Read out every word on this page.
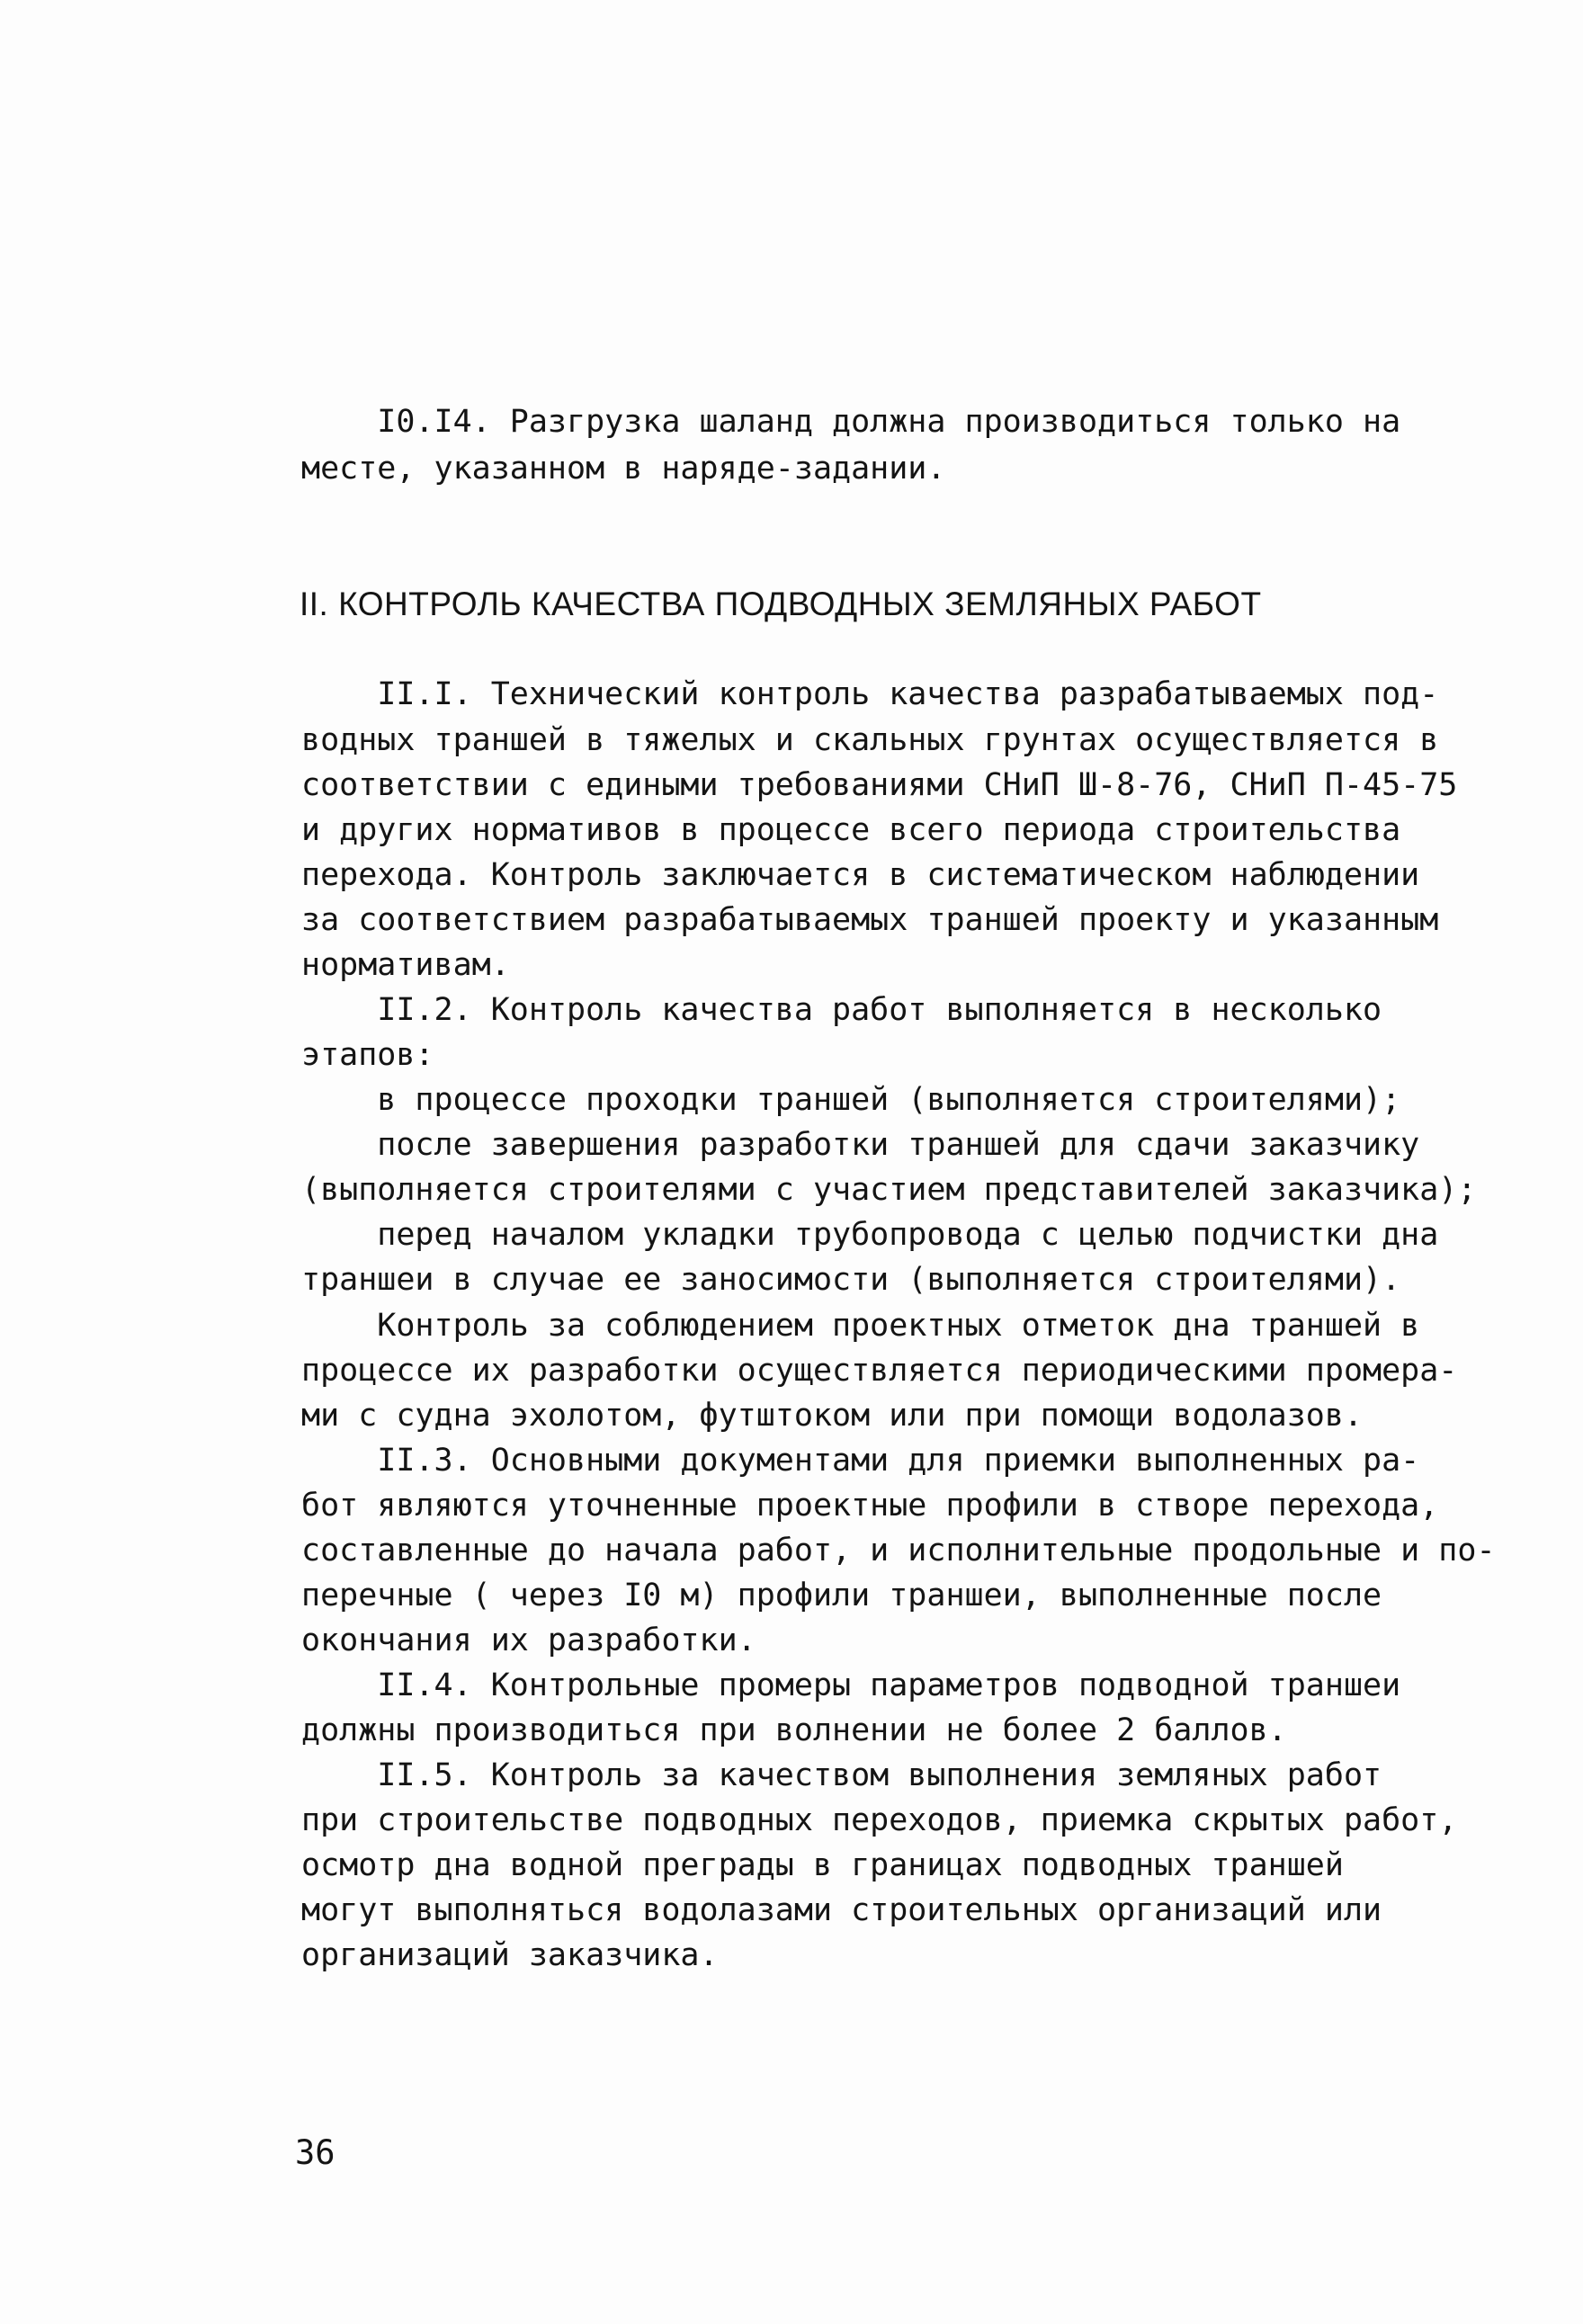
I0.I4. Разгрузка шаланд должна производиться только на
месте, указанном в наряде-задании.
II. КОНТРОЛЬ КАЧЕСТВА ПОДВОДНЫХ ЗЕМЛЯНЫХ РАБОТ
II.I. Технический контроль качества разрабатываемых под-
водных траншей в тяжелых и скальных грунтах осуществляется в
соответствии с едиными требованиями СНиП Ш-8-76, СНиП П-45-75
и других нормативов в процессе всего периода строительства
перехода. Контроль заключается в систематическом наблюдении
за соответствием разрабатываемых траншей проекту и указанным
нормативам.
II.2. Контроль качества работ выполняется в несколько
этапов:
в процессе проходки траншей (выполняется строителями);
после завершения разработки траншей для сдачи заказчику
(выполняется строителями с участием представителей заказчика);
перед началом укладки трубопровода с целью подчистки дна
траншеи в случае ее заносимости (выполняется строителями).
Контроль за соблюдением проектных отметок дна траншей в
процессе их разработки осуществляется периодическими промера-
ми с судна эхолотом, футштоком или при помощи водолазов.
II.3. Основными документами для приемки выполненных ра-
бот являются уточненные проектные профили в створе перехода,
составленные до начала работ, и исполнительные продольные и по-
перечные ( через I0 м) профили траншеи, выполненные после
окончания их разработки.
II.4. Контрольные промеры параметров подводной траншеи
должны производиться при волнении не более 2 баллов.
II.5. Контроль за качеством выполнения земляных работ
при строительстве подводных переходов, приемка скрытых работ,
осмотр дна водной преграды в границах подводных траншей
могут выполняться водолазами строительных организаций или
организаций заказчика.
36
